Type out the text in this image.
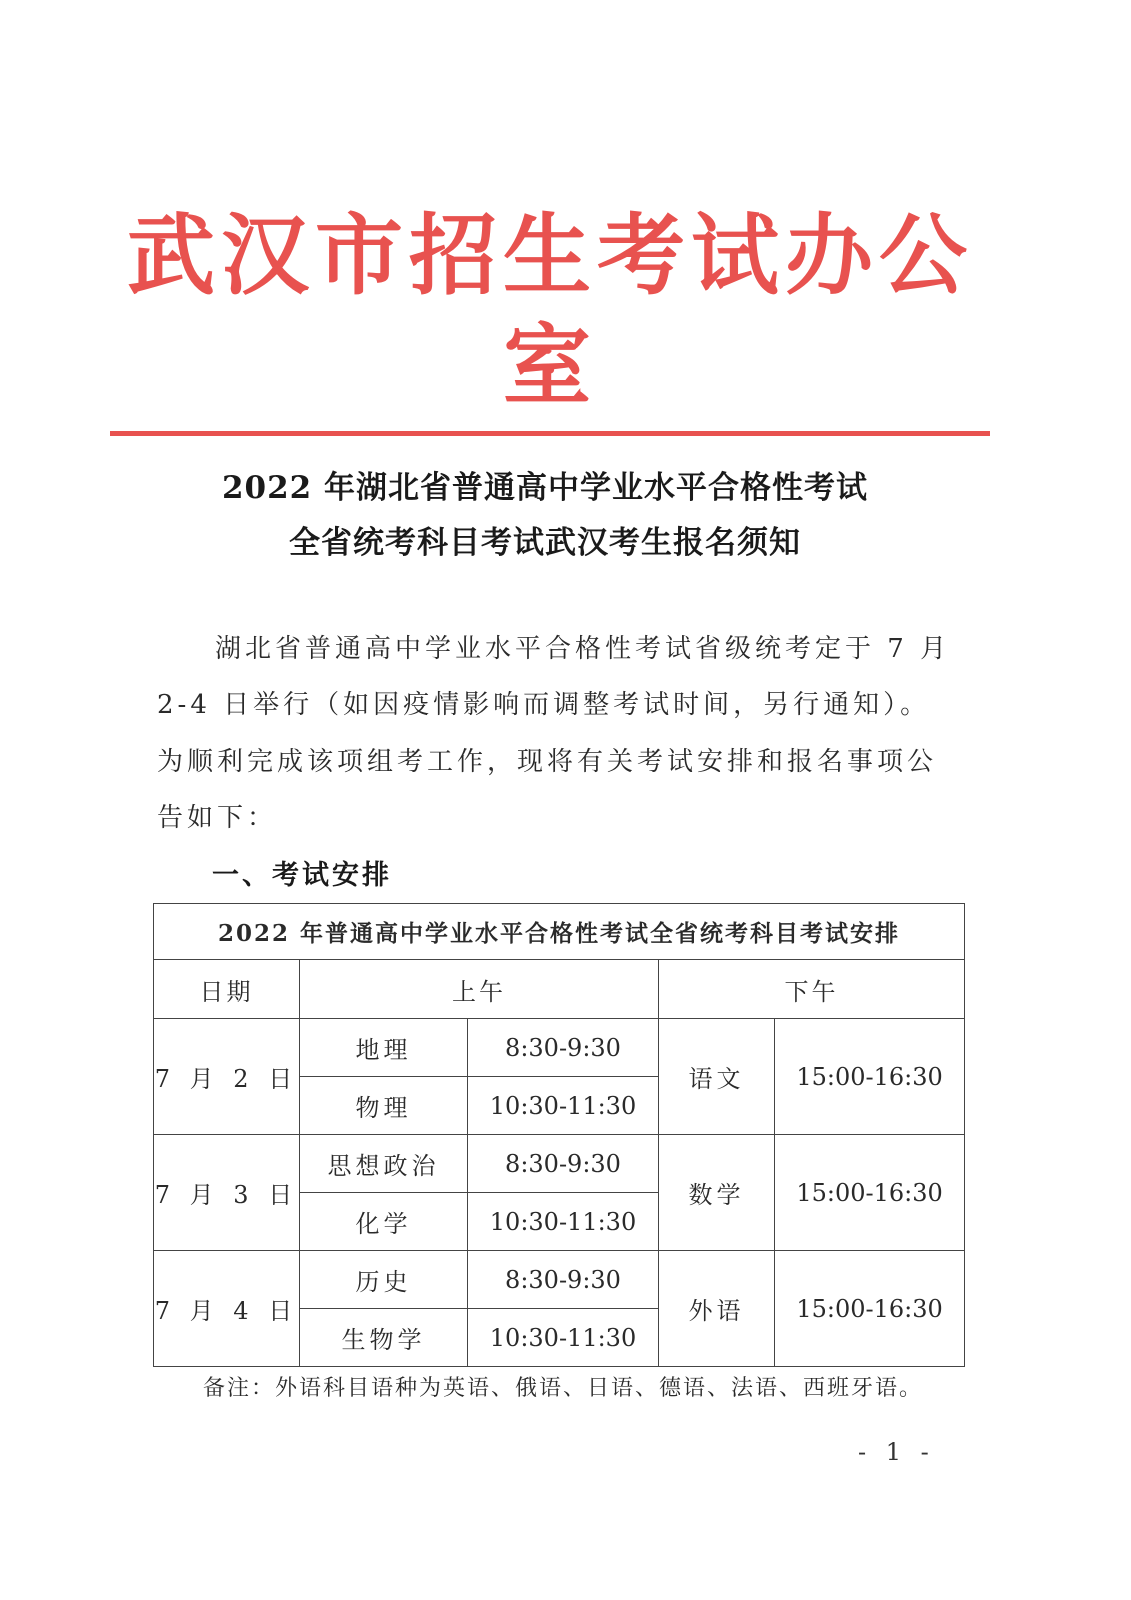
武汉市招生考试办公室
2022 年湖北省普通高中学业水平合格性考试
全省统考科目考试武汉考生报名须知
湖北省普通高中学业水平合格性考试省级统考定于 7 月
2-4 日举行（如因疫情影响而调整考试时间，另行通知）。
为顺利完成该项组考工作，现将有关考试安排和报名事项公
告如下：
一、考试安排
2022 年普通高中学业水平合格性考试全省统考科目考试安排				
日期	上午		下午	
7 月 2 日	地理	8:30-9:30	语文	15:00-16:30
	物理	10:30-11:30		
7 月 3 日	思想政治	8:30-9:30	数学	15:00-16:30
	化学	10:30-11:30		
7 月 4 日	历史	8:30-9:30	外语	15:00-16:30
	生物学	10:30-11:30		
备注：外语科目语种为英语、俄语、日语、德语、法语、西班牙语。
- 1 -
